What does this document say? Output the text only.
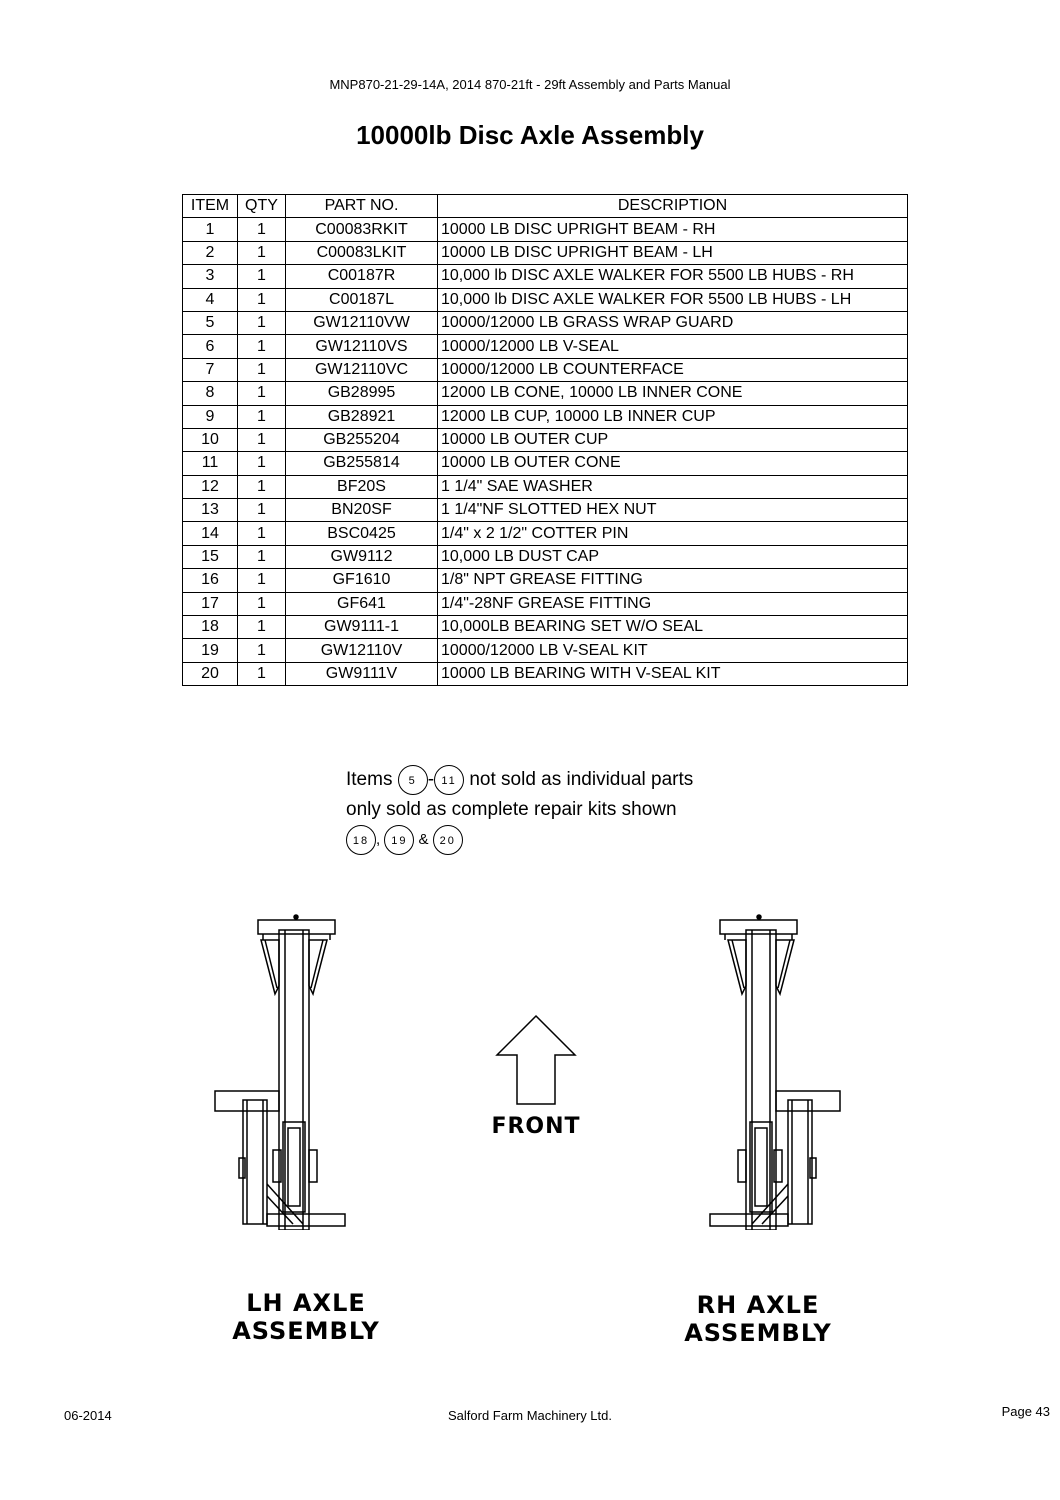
MNP870-21-29-14A, 2014 870-21ft - 29ft Assembly and Parts Manual
10000lb Disc Axle Assembly
ITEM	QTY	PART NO.	DESCRIPTION
1	1	C00083RKIT	10000 LB DISC UPRIGHT BEAM - RH
2	1	C00083LKIT	10000 LB DISC UPRIGHT BEAM - LH
3	1	C00187R	10,000 lb DISC AXLE WALKER FOR 5500 LB HUBS - RH
4	1	C00187L	10,000 lb DISC AXLE WALKER FOR 5500 LB HUBS - LH
5	1	GW12110VW	10000/12000 LB GRASS WRAP GUARD
6	1	GW12110VS	10000/12000 LB V-SEAL
7	1	GW12110VC	10000/12000 LB COUNTERFACE
8	1	GB28995	12000 LB CONE, 10000 LB INNER CONE
9	1	GB28921	12000 LB CUP, 10000 LB INNER CUP
10	1	GB255204	10000 LB OUTER CUP
11	1	GB255814	10000 LB OUTER CONE
12	1	BF20S	1 1/4" SAE WASHER
13	1	BN20SF	1 1/4"NF SLOTTED HEX NUT
14	1	BSC0425	1/4" x 2 1/2" COTTER PIN
15	1	GW9112	10,000 LB DUST CAP
16	1	GF1610	1/8" NPT GREASE FITTING
17	1	GF641	1/4"-28NF GREASE FITTING
18	1	GW9111-1	10,000LB BEARING SET W/O SEAL
19	1	GW12110V	10000/12000 LB V-SEAL KIT
20	1	GW9111V	10000 LB BEARING WITH V-SEAL KIT
Items 5 - 11 not sold as individual parts
only sold as complete repair kits shown
18 , 19 & 20
FRONT
LH AXLE
ASSEMBLY
RH AXLE
ASSEMBLY
06-2014	Salford Farm Machinery Ltd.	Page 43
